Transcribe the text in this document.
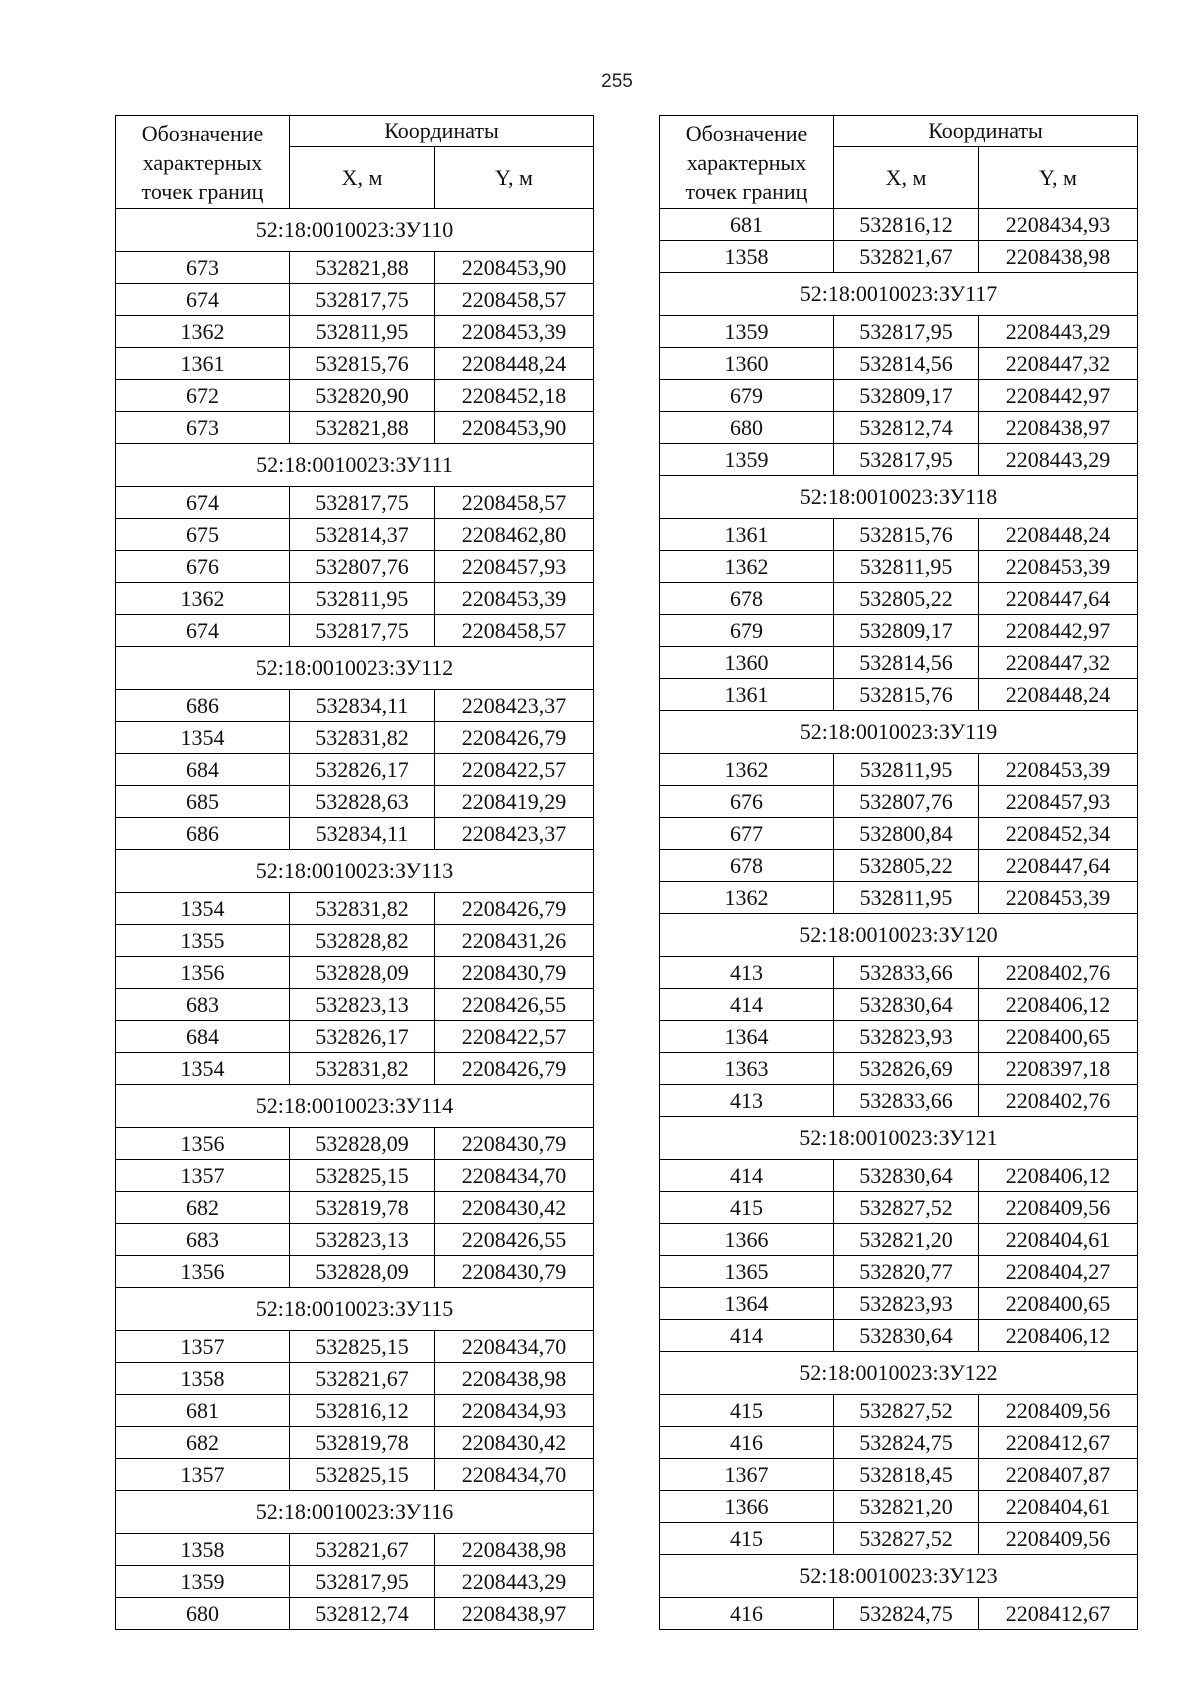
255
Обозначение характерных точек границ	Координаты	
	X, м	Y, м
52:18:0010023:ЗУ110		
673	532821,88	2208453,90
674	532817,75	2208458,57
1362	532811,95	2208453,39
1361	532815,76	2208448,24
672	532820,90	2208452,18
673	532821,88	2208453,90
52:18:0010023:ЗУ111		
674	532817,75	2208458,57
675	532814,37	2208462,80
676	532807,76	2208457,93
1362	532811,95	2208453,39
674	532817,75	2208458,57
52:18:0010023:ЗУ112		
686	532834,11	2208423,37
1354	532831,82	2208426,79
684	532826,17	2208422,57
685	532828,63	2208419,29
686	532834,11	2208423,37
52:18:0010023:ЗУ113		
1354	532831,82	2208426,79
1355	532828,82	2208431,26
1356	532828,09	2208430,79
683	532823,13	2208426,55
684	532826,17	2208422,57
1354	532831,82	2208426,79
52:18:0010023:ЗУ114		
1356	532828,09	2208430,79
1357	532825,15	2208434,70
682	532819,78	2208430,42
683	532823,13	2208426,55
1356	532828,09	2208430,79
52:18:0010023:ЗУ115		
1357	532825,15	2208434,70
1358	532821,67	2208438,98
681	532816,12	2208434,93
682	532819,78	2208430,42
1357	532825,15	2208434,70
52:18:0010023:ЗУ116		
1358	532821,67	2208438,98
1359	532817,95	2208443,29
680	532812,74	2208438,97
Обозначение характерных точек границ	Координаты	
	X, м	Y, м
681	532816,12	2208434,93
1358	532821,67	2208438,98
52:18:0010023:ЗУ117		
1359	532817,95	2208443,29
1360	532814,56	2208447,32
679	532809,17	2208442,97
680	532812,74	2208438,97
1359	532817,95	2208443,29
52:18:0010023:ЗУ118		
1361	532815,76	2208448,24
1362	532811,95	2208453,39
678	532805,22	2208447,64
679	532809,17	2208442,97
1360	532814,56	2208447,32
1361	532815,76	2208448,24
52:18:0010023:ЗУ119		
1362	532811,95	2208453,39
676	532807,76	2208457,93
677	532800,84	2208452,34
678	532805,22	2208447,64
1362	532811,95	2208453,39
52:18:0010023:ЗУ120		
413	532833,66	2208402,76
414	532830,64	2208406,12
1364	532823,93	2208400,65
1363	532826,69	2208397,18
413	532833,66	2208402,76
52:18:0010023:ЗУ121		
414	532830,64	2208406,12
415	532827,52	2208409,56
1366	532821,20	2208404,61
1365	532820,77	2208404,27
1364	532823,93	2208400,65
414	532830,64	2208406,12
52:18:0010023:ЗУ122		
415	532827,52	2208409,56
416	532824,75	2208412,67
1367	532818,45	2208407,87
1366	532821,20	2208404,61
415	532827,52	2208409,56
52:18:0010023:ЗУ123		
416	532824,75	2208412,67
